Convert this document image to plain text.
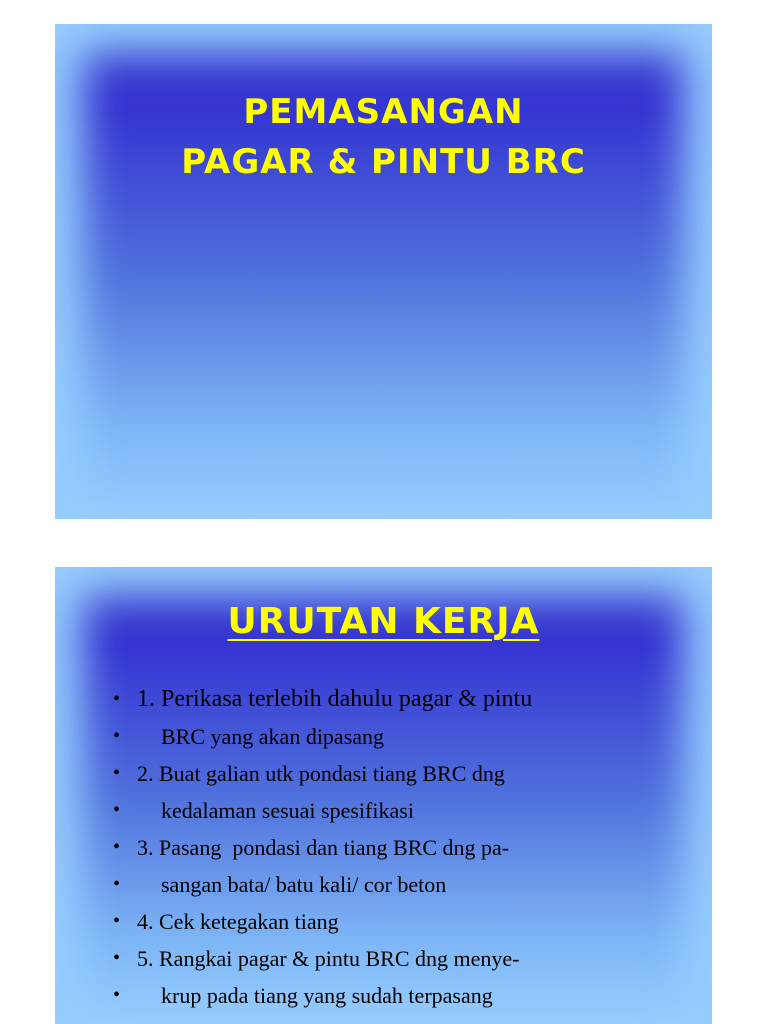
PEMASANGAN
PAGAR & PINTU BRC
URUTAN KERJA
• 1. Perikasa terlebih dahulu pagar & pintu
• BRC yang akan dipasang
• 2. Buat galian utk pondasi tiang BRC dng
• kedalaman sesuai spesifikasi
• 3. Pasang  pondasi dan tiang BRC dng pa-
• sangan bata/ batu kali/ cor beton
• 4. Cek ketegakan tiang
• 5. Rangkai pagar & pintu BRC dng menye-
• krup pada tiang yang sudah terpasang
